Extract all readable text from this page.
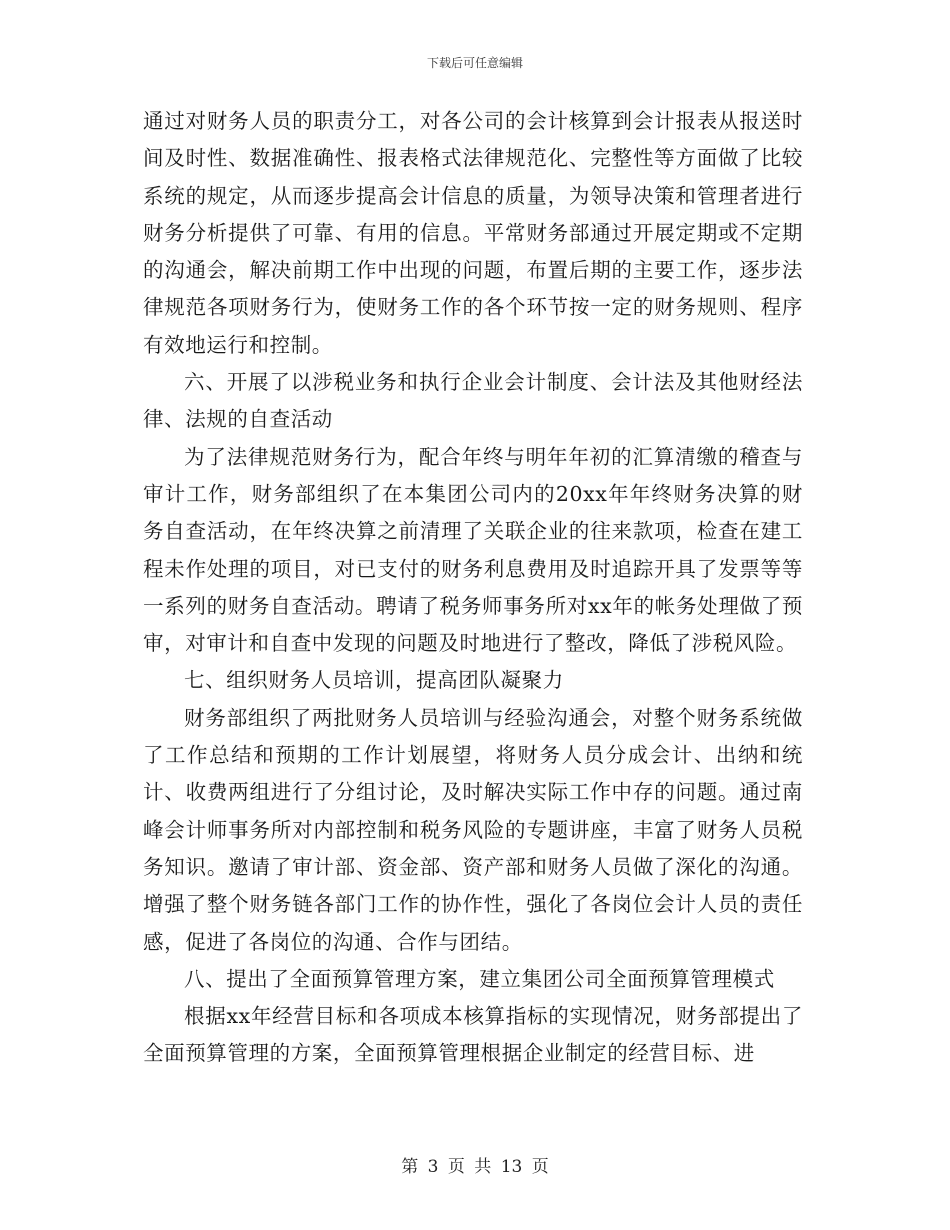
下载后可任意编辑

通过对财务人员的职责分工，对各公司的会计核算到会计报表从报送时间及时性、数据准确性、报表格式法律规范化、完整性等方面做了比较系统的规定，从而逐步提高会计信息的质量，为领导决策和管理者进行财务分析提供了可靠、有用的信息。平常财务部通过开展定期或不定期的沟通会，解决前期工作中出现的问题，布置后期的主要工作，逐步法律规范各项财务行为，使财务工作的各个环节按一定的财务规则、程序有效地运行和控制。

六、开展了以涉税业务和执行企业会计制度、会计法及其他财经法律、法规的自查活动

为了法律规范财务行为，配合年终与明年年初的汇算清缴的稽查与审计工作，财务部组织了在本集团公司内的20xx年年终财务决算的财务自查活动，在年终决算之前清理了关联企业的往来款项，检查在建工程未作处理的项目，对已支付的财务利息费用及时追踪开具了发票等等一系列的财务自查活动。聘请了税务师事务所对xx年的帐务处理做了预审，对审计和自查中发现的问题及时地进行了整改，降低了涉税风险。

七、组织财务人员培训，提高团队凝聚力

财务部组织了两批财务人员培训与经验沟通会，对整个财务系统做了工作总结和预期的工作计划展望，将财务人员分成会计、出纳和统计、收费两组进行了分组讨论，及时解决实际工作中存的问题。通过南峰会计师事务所对内部控制和税务风险的专题讲座，丰富了财务人员税务知识。邀请了审计部、资金部、资产部和财务人员做了深化的沟通。增强了整个财务链各部门工作的协作性，强化了各岗位会计人员的责任感，促进了各岗位的沟通、合作与团结。

八、提出了全面预算管理方案，建立集团公司全面预算管理模式

根据xx年经营目标和各项成本核算指标的实现情况，财务部提出了全面预算管理的方案，全面预算管理根据企业制定的经营目标、进

第 3 页 共 13 页
